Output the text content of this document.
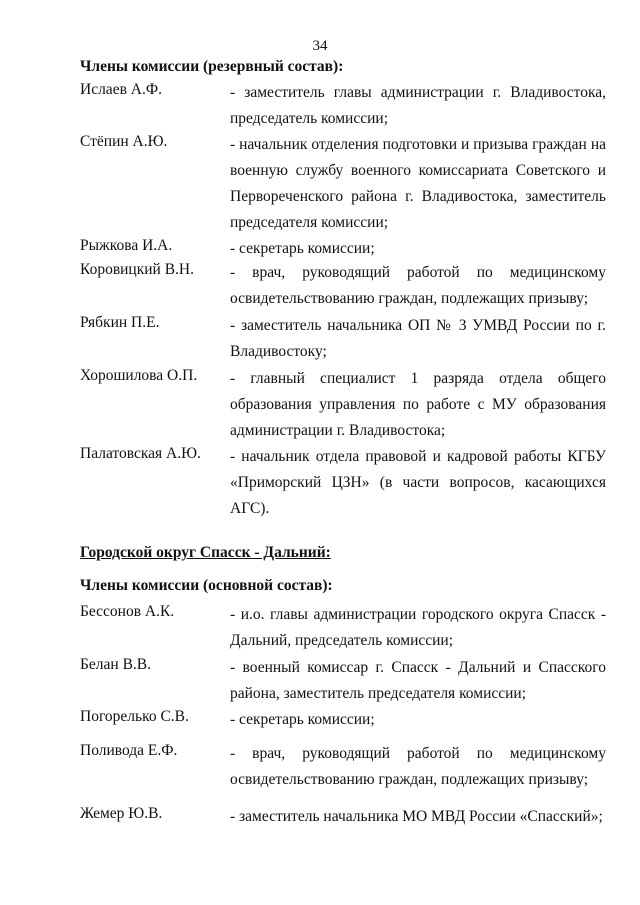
34
Члены комиссии (резервный состав):
Ислаев А.Ф.	- заместитель главы администрации г. Владивостока, председатель комиссии;
Стёпин А.Ю.	- начальник отделения подготовки и призыва граждан на военную службу военного комиссариата Советского и Первореченского района г. Владивостока, заместитель председателя комиссии;
Рыжкова И.А.	- секретарь комиссии;
Коровицкий В.Н. - врач, руководящий работой по медицинскому освидетельствованию граждан, подлежащих призыву;
Рябкин П.Е.	- заместитель начальника ОП № 3 УМВД России по г. Владивостоку;
Хорошилова О.П. - главный специалист 1 разряда отдела общего образования управления по работе с МУ образования администрации г. Владивостока;
Палатовская А.Ю. - начальник отдела правовой и кадровой работы КГБУ «Приморский ЦЗН» (в части вопросов, касающихся АГС).
Городской округ Спасск - Дальний:
Члены комиссии (основной состав):
Бессонов А.К.	- и.о. главы администрации городского округа Спасск - Дальний, председатель комиссии;
Белан В.В.	- военный комиссар г. Спасск - Дальний и Спасского района, заместитель председателя комиссии;
Погорелько С.В.	- секретарь комиссии;
Поливода Е.Ф.	- врач, руководящий работой по медицинскому освидетельствованию граждан, подлежащих призыву;
Жемер Ю.В.	- заместитель начальника МО МВД России «Спасский»;
